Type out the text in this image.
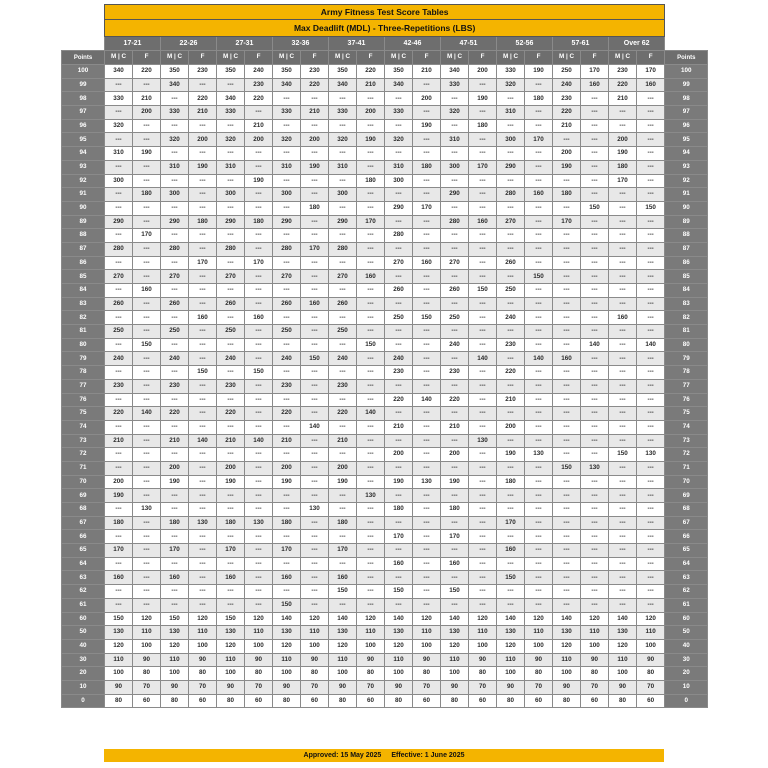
	Army Fitness Test Score Tables																				
	Max Deadlift (MDL) - Three-Repetitions (LBS)																				
	17-21		22-26		27-31		32-36		37-41		42-46		47-51		52-56		57-61		Over 62		
Points	M | C	F	M | C	F	M | C	F	M | C	F	M | C	F	M | C	F	M | C	F	M | C	F	M | C	F	M | C	F	Points
100	340	220	350	230	350	240	350	230	350	220	350	210	340	200	330	190	250	170	230	170	100
99	---	---	340	---	---	230	340	220	340	210	340	---	330	---	320	---	240	160	220	160	99
98	330	210	---	220	340	220	---	---	---	---	---	200	---	190	---	180	230	---	210	---	98
97	---	200	330	210	330	---	330	210	330	200	330	---	320	---	310	---	220	---	---	---	97
96	320	---	---	---	---	210	---	---	---	---	---	190	---	180	---	---	210	---	---	---	96
95	---	---	320	200	320	200	320	200	320	190	320	---	310	---	300	170	---	---	200	---	95
94	310	190	---	---	---	---	---	---	---	---	---	---	---	---	---	---	200	---	190	---	94
93	---	---	310	190	310	---	310	190	310	---	310	180	300	170	290	---	190	---	180	---	93
92	300	---	---	---	---	190	---	---	---	180	300	---	---	---	---	---	---	---	170	---	92
91	---	180	300	---	300	---	300	---	300	---	---	---	290	---	280	160	180	---	---	---	91
90	---	---	---	---	---	---	---	180	---	---	290	170	---	---	---	---	---	150	---	150	90
89	290	---	290	180	290	180	290	---	290	170	---	---	280	160	270	---	170	---	---	---	89
88	---	170	---	---	---	---	---	---	---	---	280	---	---	---	---	---	---	---	---	---	88
87	280	---	280	---	280	---	280	170	280	---	---	---	---	---	---	---	---	---	---	---	87
86	---	---	---	170	---	170	---	---	---	---	270	160	270	---	260	---	---	---	---	---	86
85	270	---	270	---	270	---	270	---	270	160	---	---	---	---	---	150	---	---	---	---	85
84	---	160	---	---	---	---	---	---	---	---	260	---	260	150	250	---	---	---	---	---	84
83	260	---	260	---	260	---	260	160	260	---	---	---	---	---	---	---	---	---	---	---	83
82	---	---	---	160	---	160	---	---	---	---	250	150	250	---	240	---	---	---	160	---	82
81	250	---	250	---	250	---	250	---	250	---	---	---	---	---	---	---	---	---	---	---	81
80	---	150	---	---	---	---	---	---	---	150	---	---	240	---	230	---	---	140	---	140	80
79	240	---	240	---	240	---	240	150	240	---	240	---	---	140	---	140	160	---	---	---	79
78	---	---	---	150	---	150	---	---	---	---	230	---	230	---	220	---	---	---	---	---	78
77	230	---	230	---	230	---	230	---	230	---	---	---	---	---	---	---	---	---	---	---	77
76	---	---	---	---	---	---	---	---	---	---	220	140	220	---	210	---	---	---	---	---	76
75	220	140	220	---	220	---	220	---	220	140	---	---	---	---	---	---	---	---	---	---	75
74	---	---	---	---	---	---	---	140	---	---	210	---	210	---	200	---	---	---	---	---	74
73	210	---	210	140	210	140	210	---	210	---	---	---	---	130	---	---	---	---	---	---	73
72	---	---	---	---	---	---	---	---	---	---	200	---	200	---	190	130	---	---	150	130	72
71	---	---	200	---	200	---	200	---	200	---	---	---	---	---	---	---	150	130	---	---	71
70	200	---	190	---	190	---	190	---	190	---	190	130	190	---	180	---	---	---	---	---	70
69	190	---	---	---	---	---	---	---	---	130	---	---	---	---	---	---	---	---	---	---	69
68	---	130	---	---	---	---	---	130	---	---	180	---	180	---	---	---	---	---	---	---	68
67	180	---	180	130	180	130	180	---	180	---	---	---	---	---	170	---	---	---	---	---	67
66	---	---	---	---	---	---	---	---	---	---	170	---	170	---	---	---	---	---	---	---	66
65	170	---	170	---	170	---	170	---	170	---	---	---	---	---	160	---	---	---	---	---	65
64	---	---	---	---	---	---	---	---	---	---	160	---	160	---	---	---	---	---	---	---	64
63	160	---	160	---	160	---	160	---	160	---	---	---	---	---	150	---	---	---	---	---	63
62	---	---	---	---	---	---	---	---	150	---	150	---	150	---	---	---	---	---	---	---	62
61	---	---	---	---	---	---	150	---	---	---	---	---	---	---	---	---	---	---	---	---	61
60	150	120	150	120	150	120	140	120	140	120	140	120	140	120	140	120	140	120	140	120	60
50	130	110	130	110	130	110	130	110	130	110	130	110	130	110	130	110	130	110	130	110	50
40	120	100	120	100	120	100	120	100	120	100	120	100	120	100	120	100	120	100	120	100	40
30	110	90	110	90	110	90	110	90	110	90	110	90	110	90	110	90	110	90	110	90	30
20	100	80	100	80	100	80	100	80	100	80	100	80	100	80	100	80	100	80	100	80	20
10	90	70	90	70	90	70	90	70	90	70	90	70	90	70	90	70	90	70	90	70	10
0	80	60	80	60	80	60	80	60	80	60	80	60	80	60	80	60	80	60	80	60	0
Approved: 15 May 2025 Effective: 1 June 2025
